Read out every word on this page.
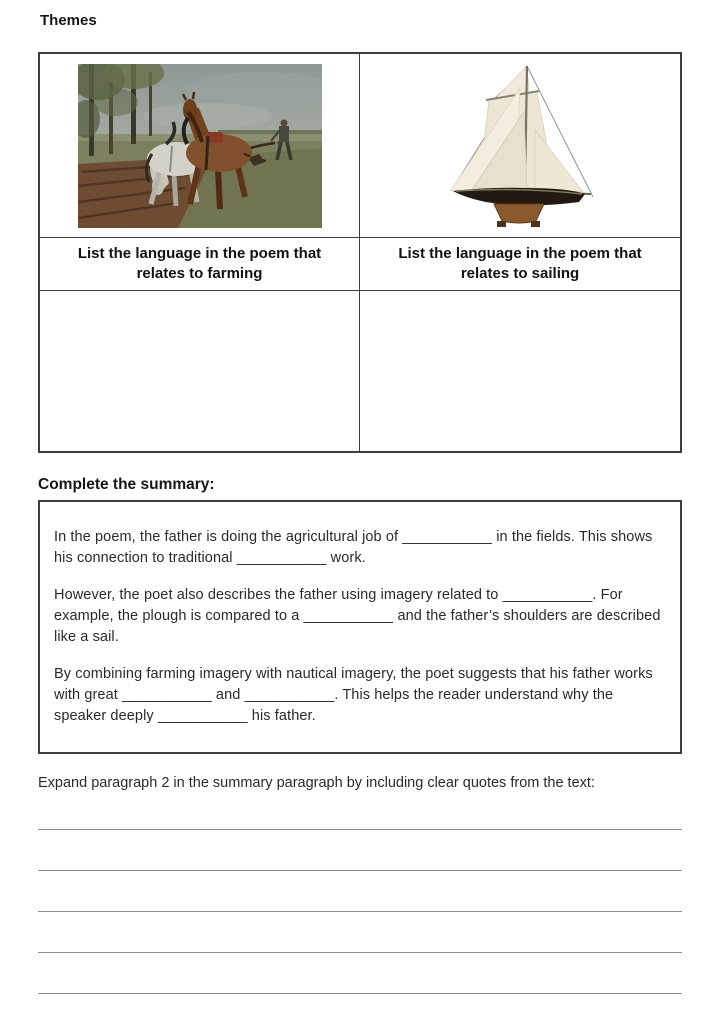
Themes
List the language in the poem that relates to farming
List the language in the poem that relates to sailing
Complete the summary:

In the poem, the father is doing the agricultural job of ___________ in the fields. This shows his connection to traditional ___________ work.

However, the poet also describes the father using imagery related to ___________. For example, the plough is compared to a ___________ and the father’s shoulders are described like a sail.

By combining farming imagery with nautical imagery, the poet suggests that his father works with great ___________ and ___________. This helps the reader understand why the speaker deeply ___________ his father.

Expand paragraph 2 in the summary paragraph by including clear quotes from the text:
